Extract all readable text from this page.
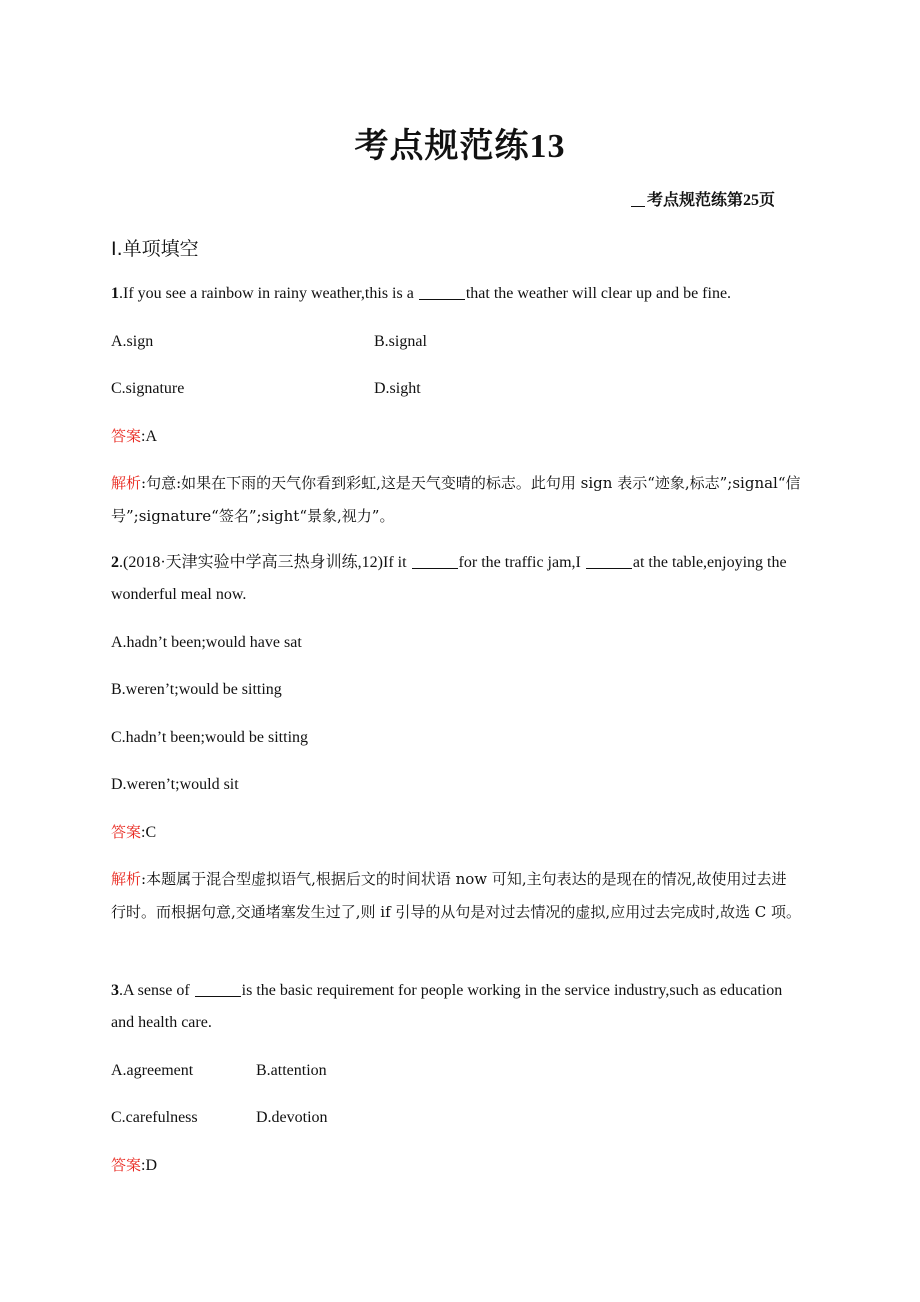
考点规范练13
考点规范练第25页
Ⅰ.单项填空
1.If you see a rainbow in rainy weather,this is a	that the weather will clear up and be fine.
A.sign	B.signal
C.signature	D.sight
答案:A
解析:句意:如果在下雨的天气你看到彩虹,这是天气变晴的标志。此句用 sign 表示“迹象,标志”;signal“信号”;signature“签名”;sight“景象,视力”。
2.(2018·天津实验中学高三热身训练,12)If it	for the traffic jam,I	at the table,enjoying the wonderful meal now.
A.hadn’t been;would have sat
B.weren’t;would be sitting
C.hadn’t been;would be sitting
D.weren’t;would sit
答案:C
解析:本题属于混合型虚拟语气,根据后文的时间状语 now 可知,主句表达的是现在的情况,故使用过去进行时。而根据句意,交通堵塞发生过了,则 if 引导的从句是对过去情况的虚拟,应用过去完成时,故选 C 项。
3.A sense of	is the basic requirement for people working in the service industry,such as education and health care.
A.agreement	B.attention
C.carefulness	D.devotion
答案:D
